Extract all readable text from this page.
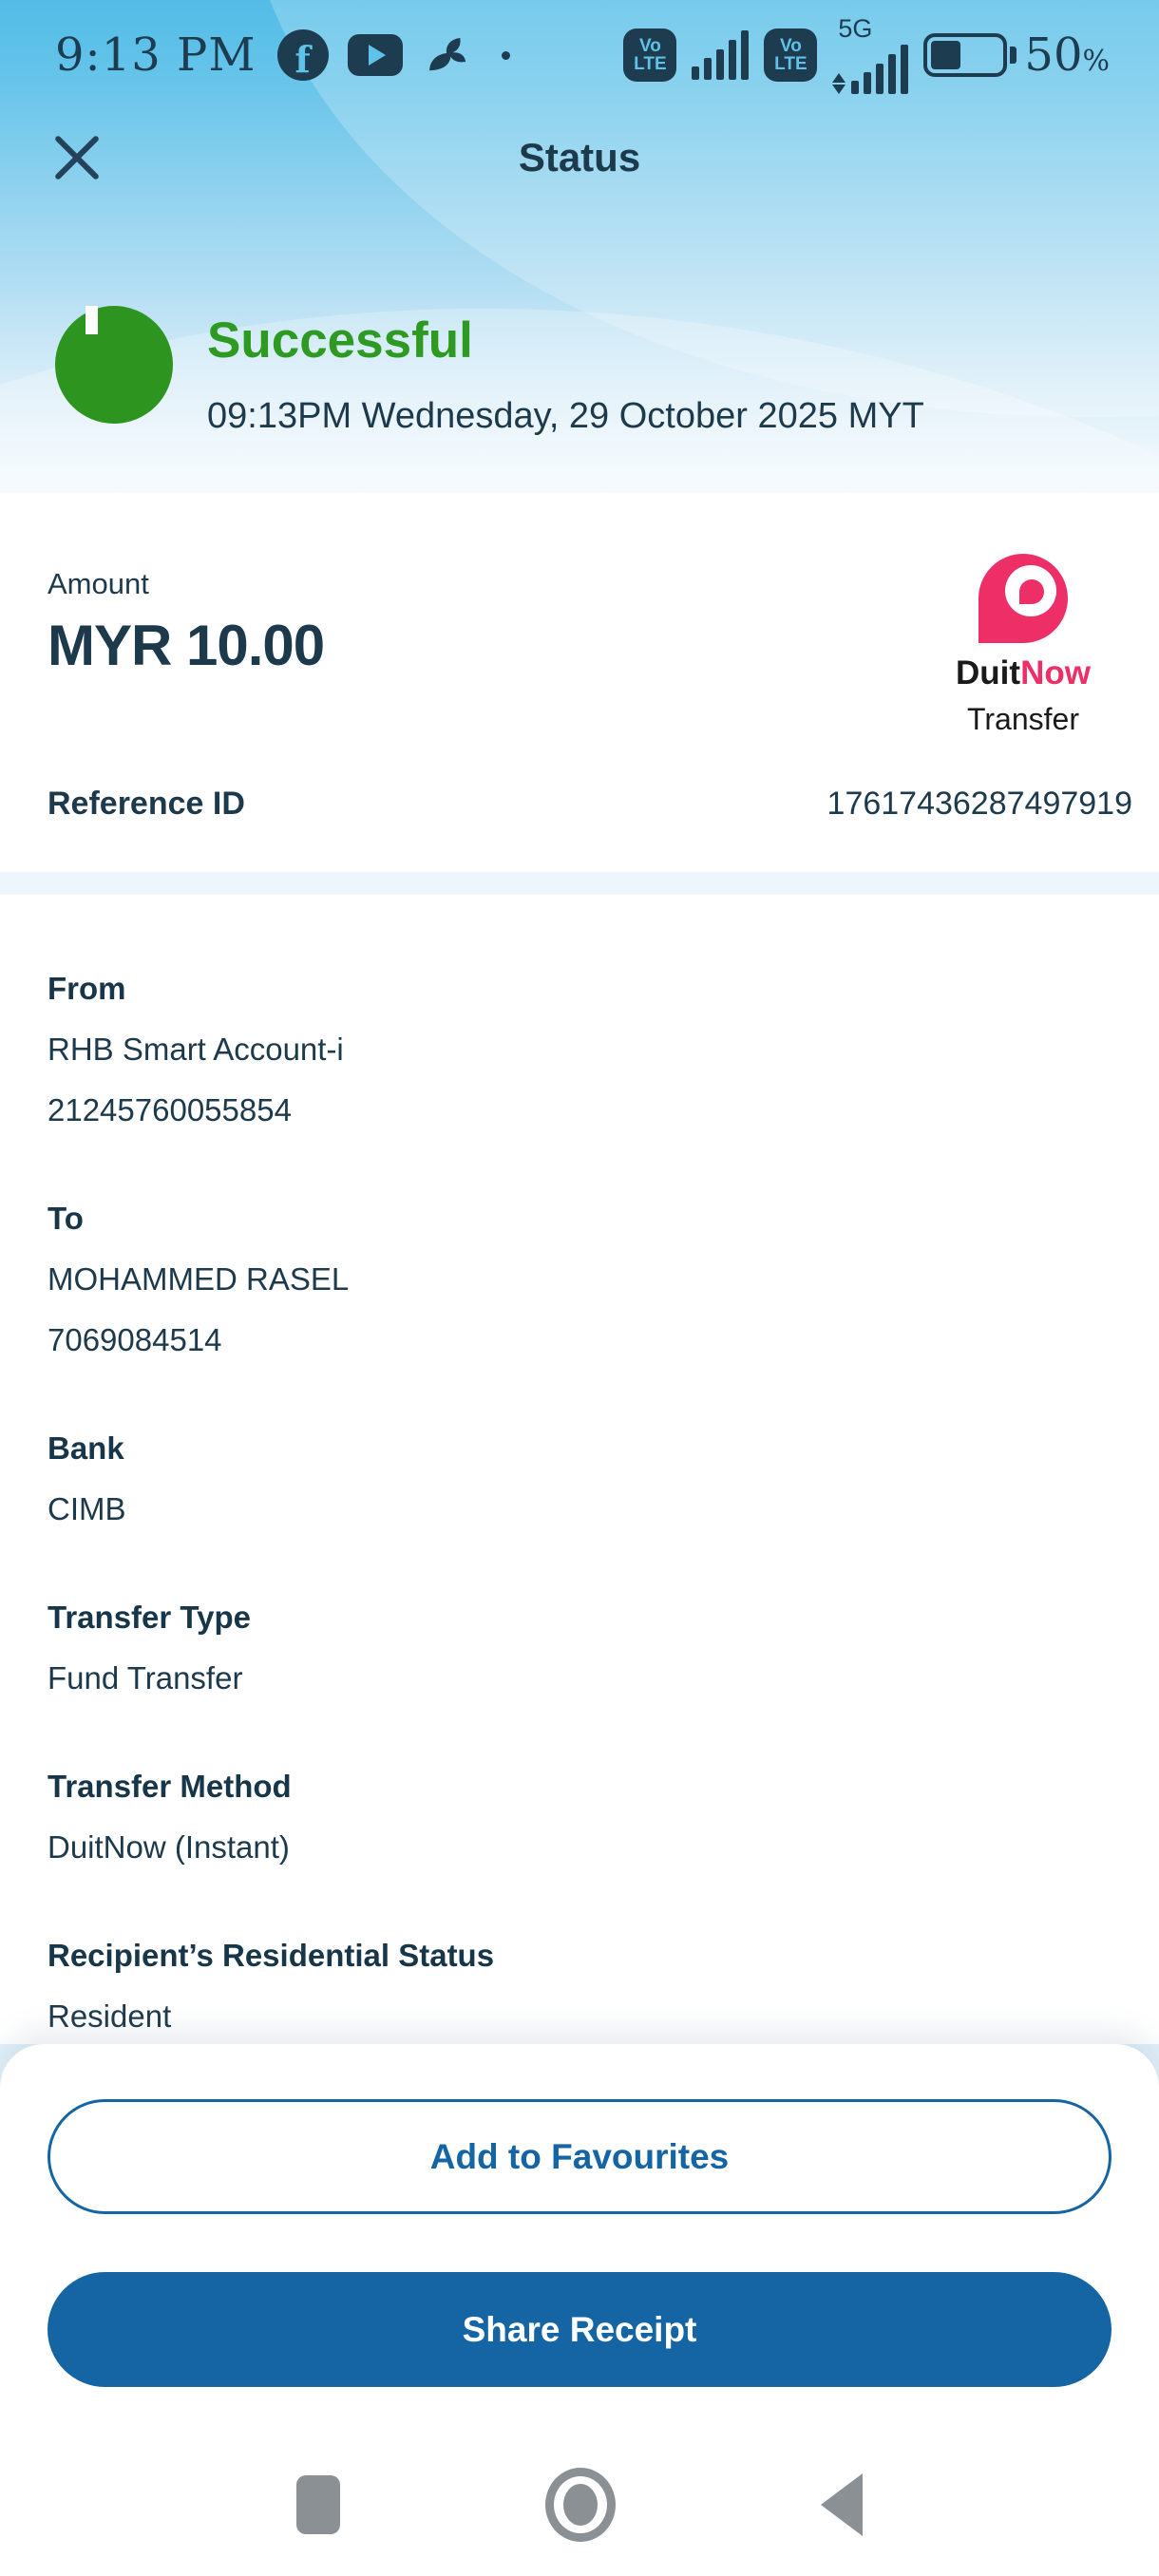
9:13 PM f	Vo
LTE
Vo
LTE
5G	50%
Status
Successful
09:13PM Wednesday, 29 October 2025 MYT
Amount
MYR 10.00	DuitNow
Transfer
Reference ID	17617436287497919
From
RHB Smart Account-i
21245760055854
To
MOHAMMED RASEL
7069084514
Bank
CIMB
Transfer Type
Fund Transfer
Transfer Method
DuitNow (Instant)
Recipient’s Residential Status
Resident
Add to Favourites
Share Receipt
